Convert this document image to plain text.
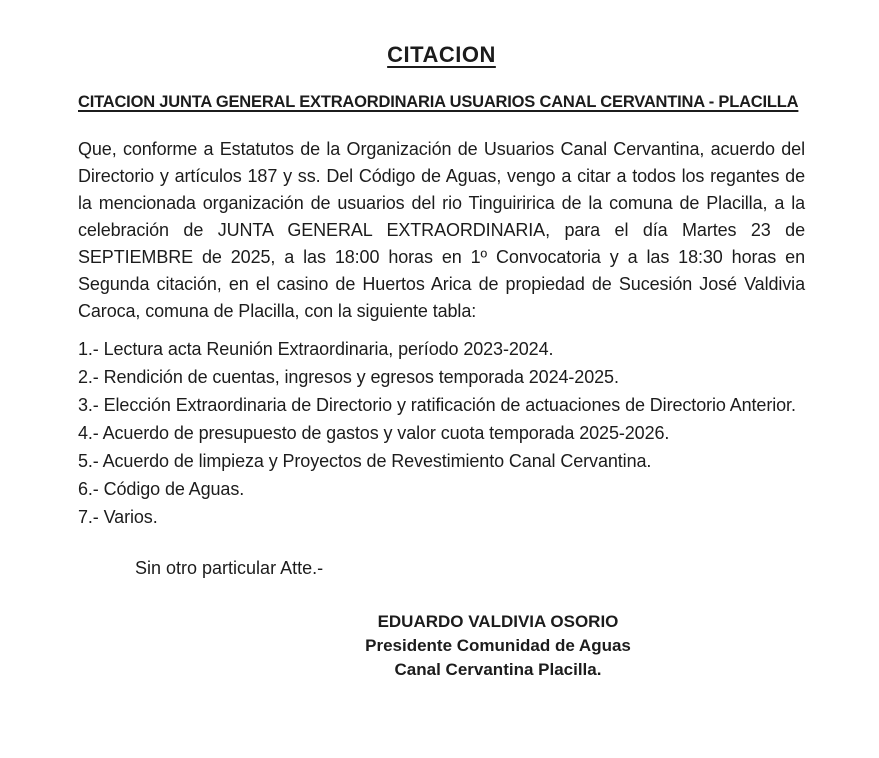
CITACION
CITACION JUNTA GENERAL EXTRAORDINARIA USUARIOS CANAL CERVANTINA - PLACILLA

Que, conforme a Estatutos de la Organización de Usuarios Canal Cervantina, acuerdo del Directorio y artículos 187 y ss. Del Código de Aguas, vengo a citar a todos los regantes de la mencionada organización de usuarios del rio Tinguiririca de la comuna de Placilla, a la celebración de JUNTA GENERAL EXTRAORDINARIA, para el día Martes 23 de SEPTIEMBRE de 2025, a las 18:00 horas en 1º Convocatoria y a las 18:30 horas en Segunda citación, en el casino de Huertos Arica de propiedad de Sucesión José Valdivia Caroca, comuna de Placilla, con la siguiente tabla:

1.- Lectura acta Reunión Extraordinaria, período 2023-2024.

2.- Rendición de cuentas, ingresos y egresos temporada 2024-2025.

3.- Elección Extraordinaria de Directorio y ratificación de actuaciones de Directorio Anterior.

4.- Acuerdo de presupuesto de gastos y valor cuota temporada 2025-2026.

5.- Acuerdo de limpieza y Proyectos de Revestimiento Canal Cervantina.

6.- Código de Aguas.

7.- Varios.

Sin otro particular Atte.-

EDUARDO VALDIVIA OSORIO

Presidente Comunidad de Aguas

Canal Cervantina Placilla.
